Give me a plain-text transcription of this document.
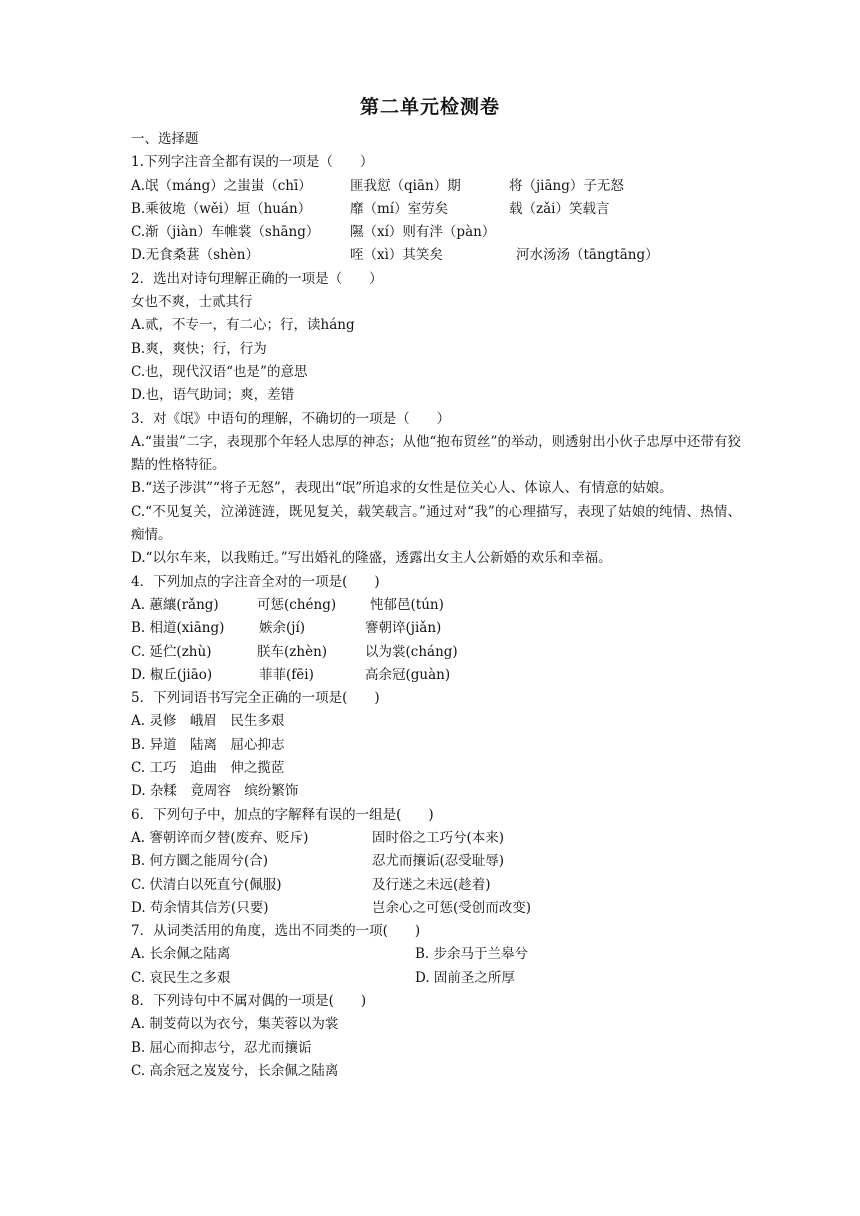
第二单元检测卷
一、选择题
1.下列字注音全都有误的一项是（　　）
A.氓（máng）之蚩蚩（chī）	匪我愆（qiān）期	将（jiāng）子无怒
B.乘彼垝（wěi）垣（huán）	靡（mí）室劳矣	载（zǎi）笑载言
C.渐（jiàn）车帷裳（shāng） 隰（xí）则有泮（pàn）
D.无食桑葚（shèn）	咥（xì）其笑矣	河水汤汤（tāngtāng）
2．选出对诗句理解正确的一项是（　　）
女也不爽，士贰其行
A.贰，不专一，有二心；行，读háng
B.爽，爽快；行，行为
C.也，现代汉语“也是”的意思
D.也，语气助词；爽，差错
3．对《氓》中语句的理解，不确切的一项是（　　）
A.“蚩蚩”二字，表现那个年轻人忠厚的神态；从他“抱布贸丝”的举动，则透射出小伙子忠厚中还带有狡黠的性格特征。
B.“送子涉淇”“将子无怒”，表现出“氓”所追求的女性是位关心人、体谅人、有情意的姑娘。
C.“不见复关，泣涕涟涟，既见复关，载笑载言。”通过对“我”的心理描写，表现了姑娘的纯情、热情、痴情。
D.“以尔车来，以我贿迁。”写出婚礼的隆盛，透露出女主人公新婚的欢乐和幸福。
4．下列加点的字注音全对的一项是(　　)
A. 蕙纕(rǎng)	可惩(chéng)	忳郁邑(tún)
B. 相道(xiāng)	嫉余(jí)	謇朝谇(jiǎn)
C. 延伫(zhù)	朕车(zhèn)	以为裳(cháng)
D. 椒丘(jiāo)	菲菲(fēi)	高余冠(guàn)
5．下列词语书写完全正确的一项是(　　)
A. 灵修　峨眉　民生多艰
B. 异道　陆离　屈心抑志
C. 工巧　追曲　伸之揽茝
D. 杂糅　竟周容　缤纷繁饰
6．下列句子中，加点的字解释有误的一组是(　　)
A. 謇朝谇而夕替(废弃、贬斥)	固时俗之工巧兮(本来)
B. 何方圜之能周兮(合)	忍尤而攘诟(忍受耻辱)
C. 伏清白以死直兮(佩服)	及行迷之未远(趁着)
D. 苟余情其信芳(只要)	岂余心之可惩(受创而改变)
7．从词类活用的角度，选出不同类的一项(　　)
A. 长余佩之陆离	B. 步余马于兰皋兮
C. 哀民生之多艰	D. 固前圣之所厚
8．下列诗句中不属对偶的一项是(　　)
A. 制芰荷以为衣兮，集芙蓉以为裳
B. 屈心而抑志兮，忍尤而攘诟
C. 高余冠之岌岌兮，长余佩之陆离
